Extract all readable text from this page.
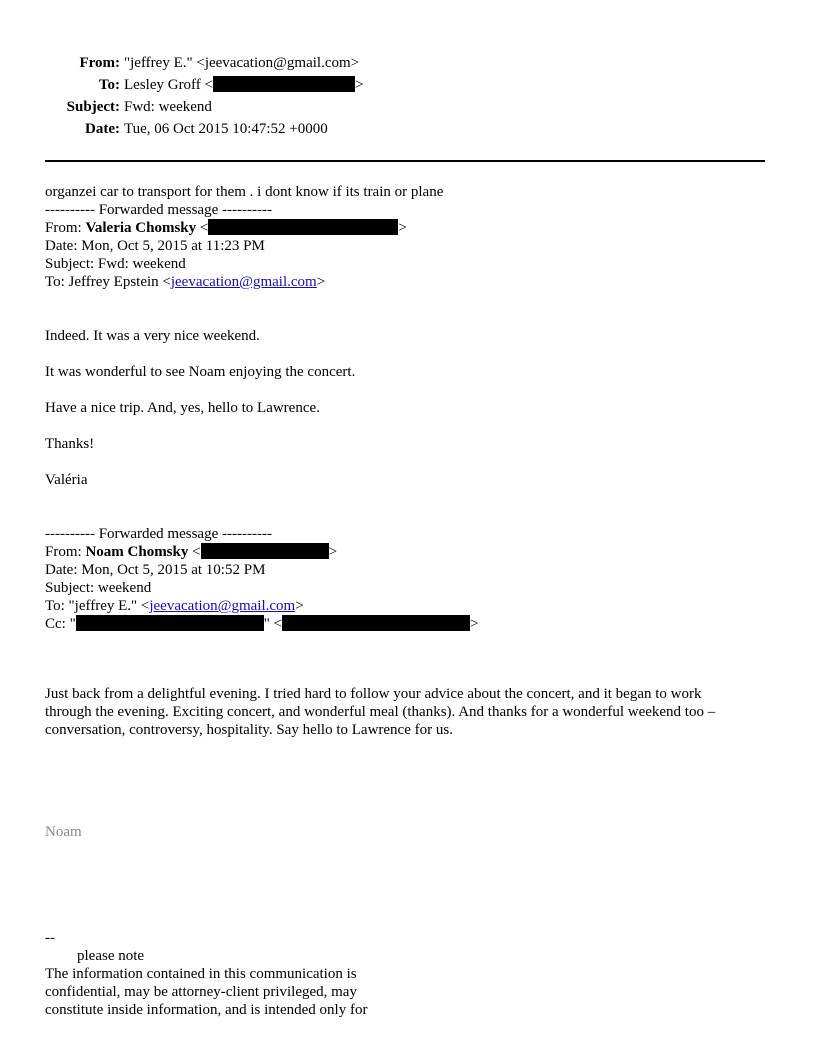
From: "jeffrey E." <jeevacation@gmail.com>
To: Lesley Groff <	>
Subject: Fwd: weekend
Date: Tue, 06 Oct 2015 10:47:52 +0000
organzei car to transport for them . i dont know if its train or plane
---------- Forwarded message ----------
From: Valeria Chomsky <	>
Date: Mon, Oct 5, 2015 at 11:23 PM
Subject: Fwd: weekend
To: Jeffrey Epstein <jeevacation@gmail.com>
Indeed. It was a very nice weekend.
It was wonderful to see Noam enjoying the concert.
Have a nice trip. And, yes, hello to Lawrence.
Thanks!
Valéria
---------- Forwarded message ----------
From: Noam Chomsky <	>
Date: Mon, Oct 5, 2015 at 10:52 PM
Subject: weekend
To: "jeffrey E." <jeevacation@gmail.com>
Cc: "	" <	>
Just back from a delightful evening. I tried hard to follow your advice about the concert, and it began to work
through the evening. Exciting concert, and wonderful meal (thanks). And thanks for a wonderful weekend too –
conversation, controversy, hospitality. Say hello to Lawrence for us.
Noam
--
please note
The information contained in this communication is
confidential, may be attorney-client privileged, may
constitute inside information, and is intended only for
